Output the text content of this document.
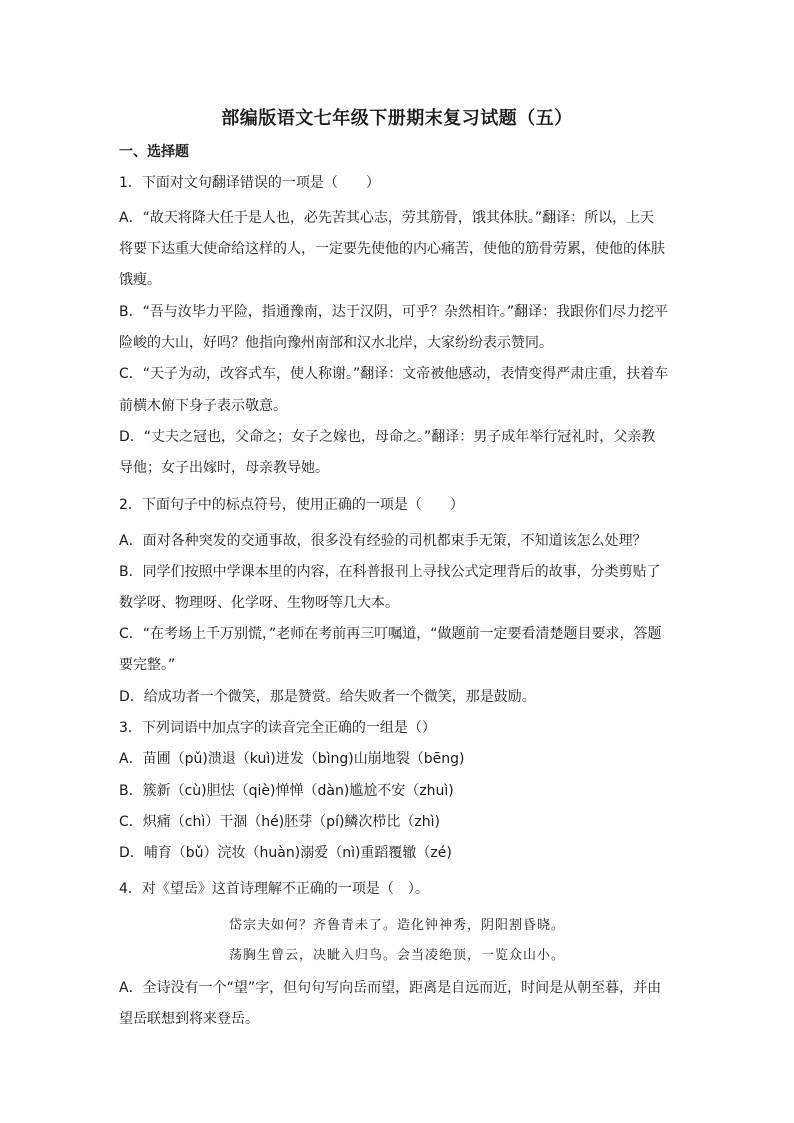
部编版语文七年级下册期末复习试题（五）
一、选择题
1．下面对文句翻译错误的一项是（　　）
A．“故天将降大任于是人也，必先苦其心志，劳其筋骨，饿其体肤。”翻译：所以，上天
将要下达重大使命给这样的人，一定要先使他的内心痛苦，使他的筋骨劳累，使他的体肤
饿瘦。
B．“吾与汝毕力平险，指通豫南，达于汉阴，可乎？杂然相许。”翻译：我跟你们尽力挖平
险峻的大山，好吗？他指向豫州南部和汉水北岸，大家纷纷表示赞同。
C．“天子为动，改容式车，使人称谢。”翻译：文帝被他感动，表情变得严肃庄重，扶着车
前横木俯下身子表示敬意。
D．“丈夫之冠也，父命之；女子之嫁也，母命之。”翻译：男子成年举行冠礼时，父亲教
导他；女子出嫁时，母亲教导她。
2．下面句子中的标点符号，使用正确的一项是（　　）
A．面对各种突发的交通事故，很多没有经验的司机都束手无策，不知道该怎么处理？
B．同学们按照中学课本里的内容，在科普报刊上寻找公式定理背后的故事，分类剪贴了
数学呀、物理呀、化学呀、生物呀等几大本。
C．“在考场上千万别慌，”老师在考前再三叮嘱道，“做题前一定要看清楚题目要求，答题
要完整。”
D．给成功者一个微笑，那是赞赏。给失败者一个微笑，那是鼓励。
3．下列词语中加点字的读音完全正确的一组是（）
A．苗圃（pǔ)溃退（kuì)迸发（bìng)山崩地裂（bēng)
B．簇新（cù)胆怯（qiè)惮惮（dàn)尴尬不安（zhuì)
C．炽痛（chì）干涸（hé)胚芽（pí)鳞次栉比（zhì)
D．哺育（bǔ）浣妆（huàn)溺爱（nì)重蹈覆辙（zé)
4．对《望岳》这首诗理解不正确的一项是（　）。
岱宗夫如何？齐鲁青未了。造化钟神秀，阴阳割昏晓。
荡胸生曾云，决眦入归鸟。会当凌绝顶，一览众山小。
A．全诗没有一个“望”字，但句句写向岳而望，距离是自远而近，时间是从朝至暮，并由
望岳联想到将来登岳。
